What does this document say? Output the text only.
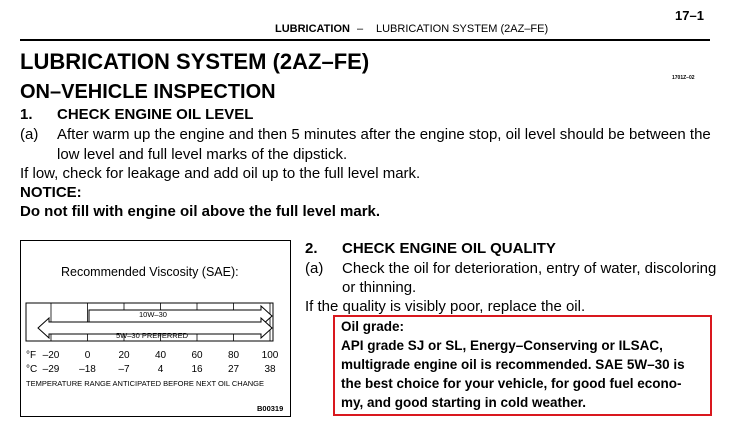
LUBRICATION – LUBRICATION SYSTEM (2AZ–FE)
17–1
LUBRICATION SYSTEM (2AZ–FE)
1701Z–02
ON–VEHICLE INSPECTION
1. CHECK ENGINE OIL LEVEL
(a) After warm up the engine and then 5 minutes after the engine stop, oil level should be between the
low level and full level marks of the dipstick.
If low, check for leakage and add oil up to the full level mark.
NOTICE:
Do not fill with engine oil above the full level mark.
Recommended Viscosity (SAE):
10W–30
5W–30 PREFERRED
°F
°C
–20	0	20	40	60	80 100
–29 –18 –7	4	16	27	38
TEMPERATURE RANGE ANTICIPATED BEFORE NEXT OIL CHANGE
B00319
2. CHECK ENGINE OIL QUALITY
(a) Check the oil for deterioration, entry of water, discoloring
or thinning.
If the quality is visibly poor, replace the oil.
Oil grade:
API grade SJ or SL, Energy–Conserving or ILSAC,
multigrade engine oil is recommended. SAE 5W–30 is
the best choice for your vehicle, for good fuel econo-
my, and good starting in cold weather.
